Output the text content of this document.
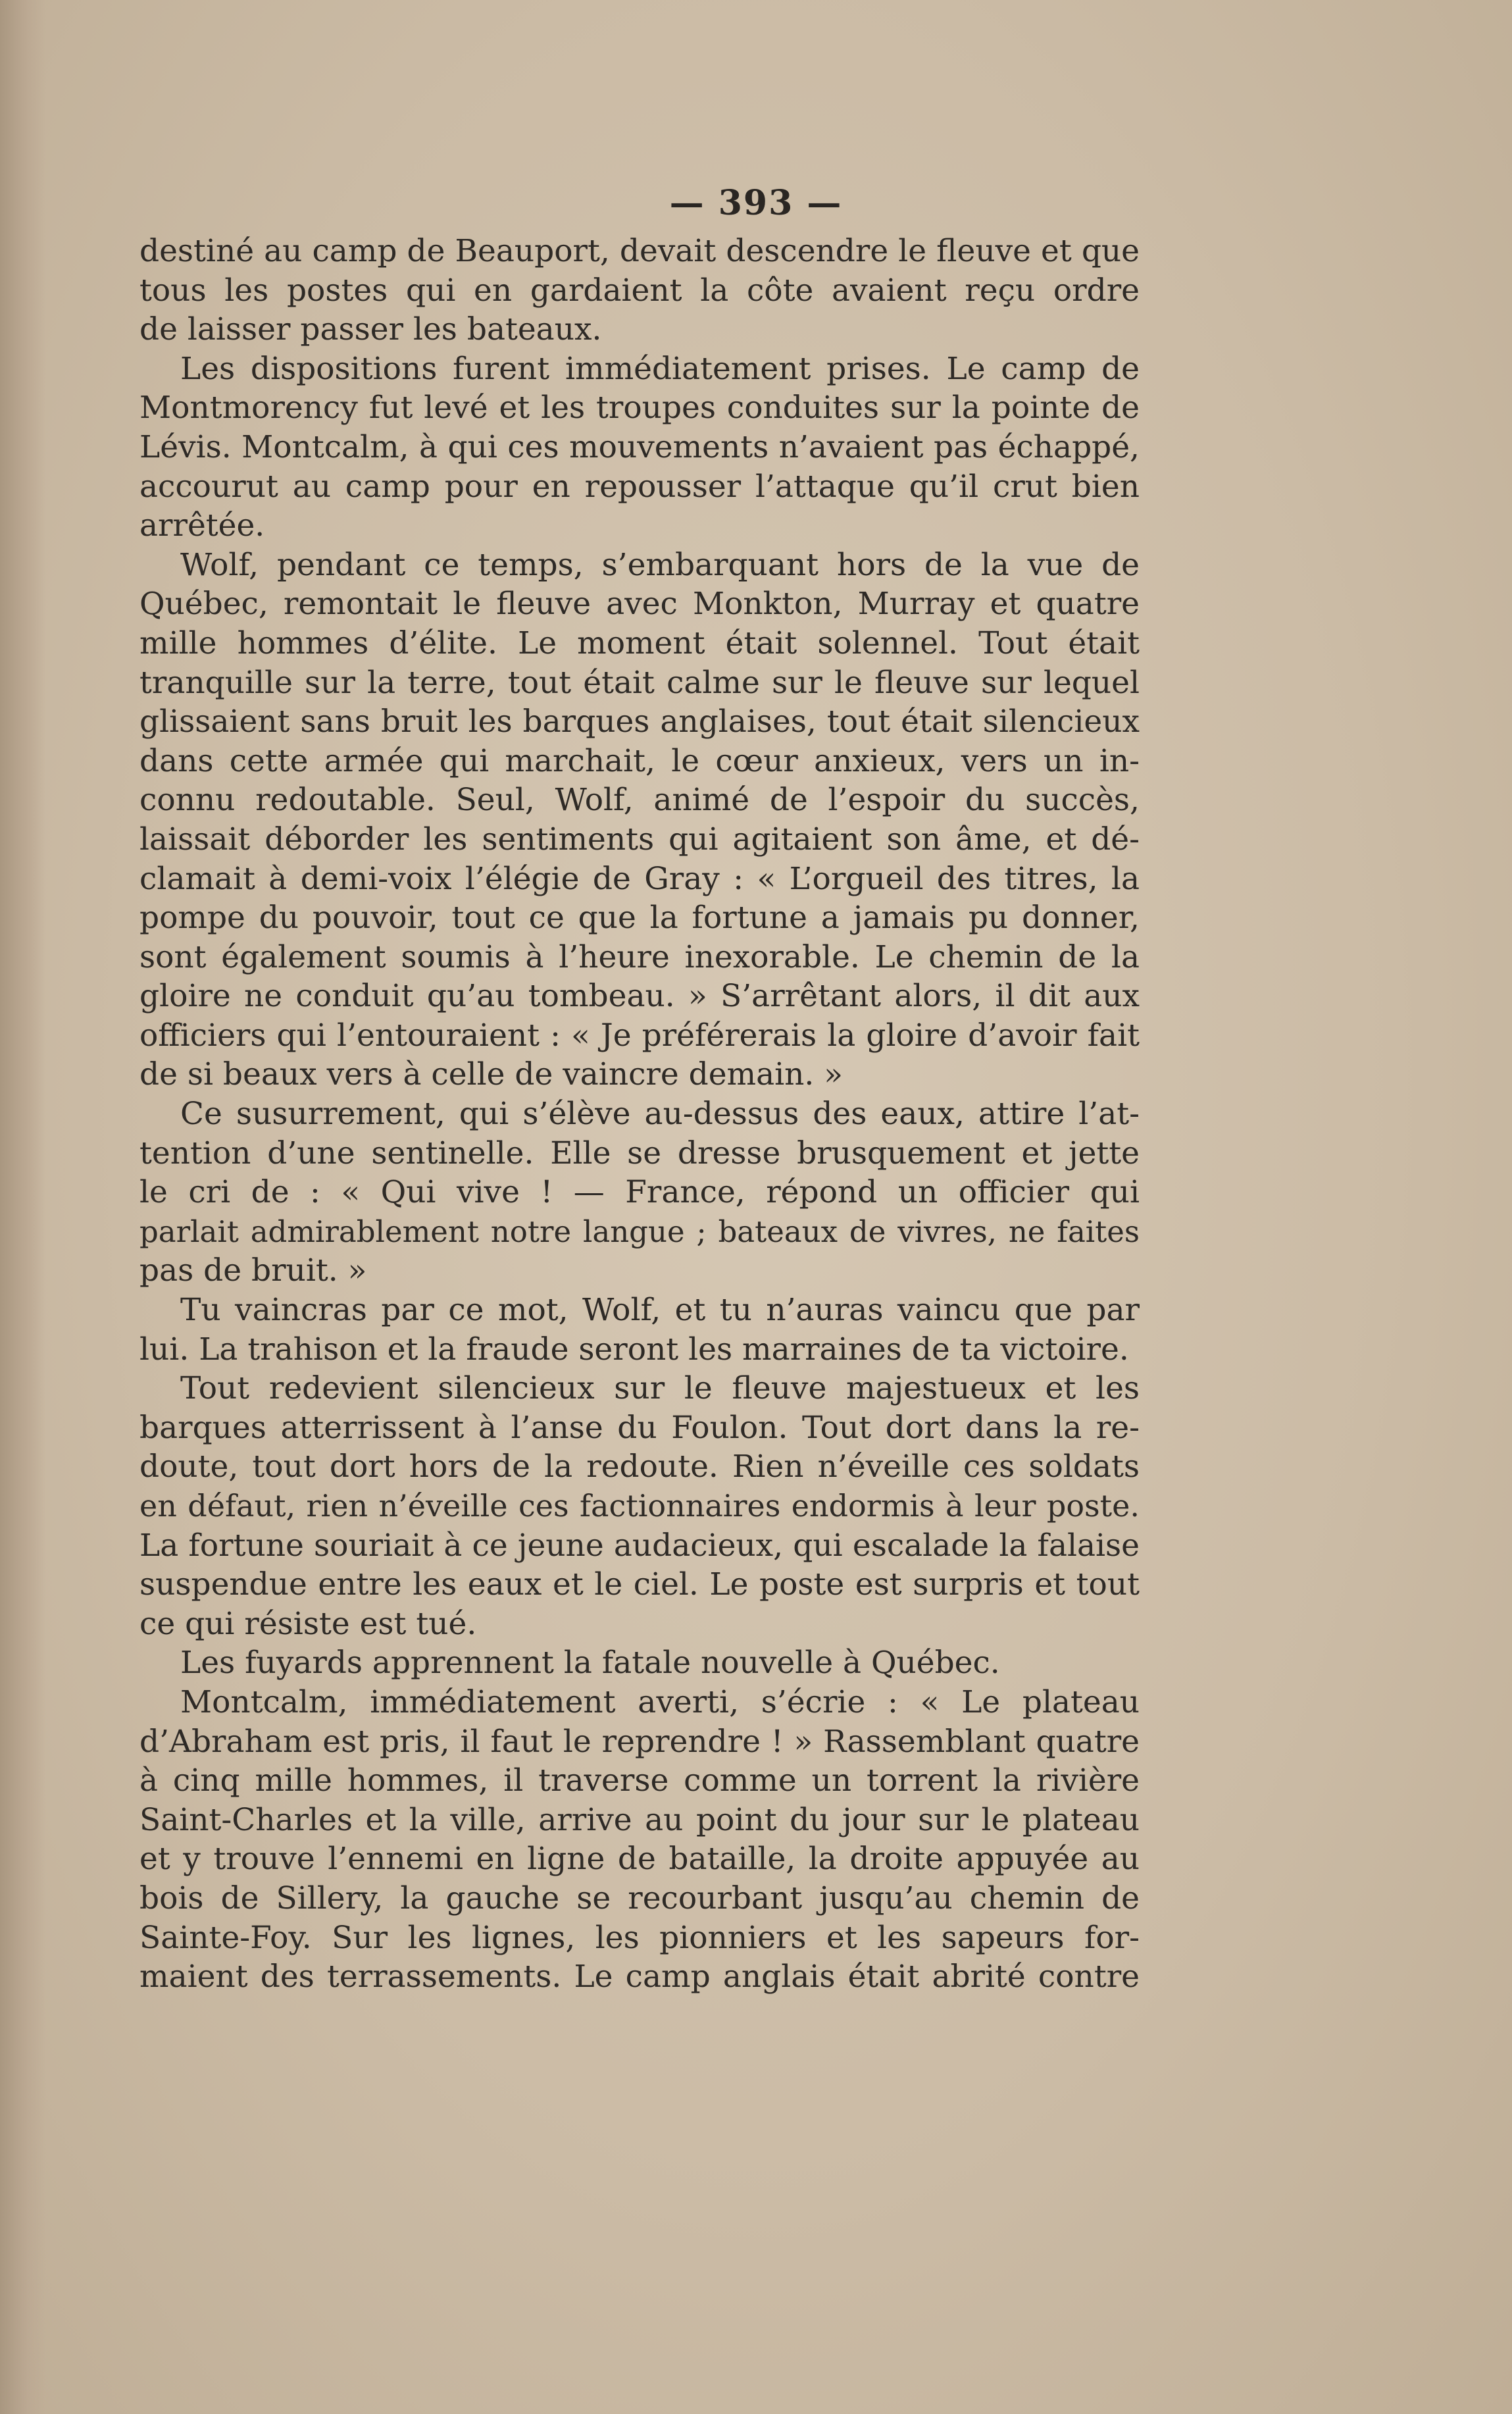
— 393 —
destiné au camp de Beauport, devait descendre le fleuve et que
tous les postes qui en gardaient la côte avaient reçu ordre
de laisser passer les bateaux.
Les dispositions furent immédiatement prises. Le camp de
Montmorency fut levé et les troupes conduites sur la pointe de
Lévis. Montcalm, à qui ces mouvements n’avaient pas échappé,
accourut au camp pour en repousser l’attaque qu’il crut bien
arrêtée.
Wolf, pendant ce temps, s’embarquant hors de la vue de
Québec, remontait le fleuve avec Monkton, Murray et quatre
mille hommes d’élite. Le moment était solennel. Tout était
tranquille sur la terre, tout était calme sur le fleuve sur lequel
glissaient sans bruit les barques anglaises, tout était silencieux
dans cette armée qui marchait, le cœur anxieux, vers un in-
connu redoutable. Seul, Wolf, animé de l’espoir du succès,
laissait déborder les sentiments qui agitaient son âme, et dé-
clamait à demi-voix l’élégie de Gray : « L’orgueil des titres, la
pompe du pouvoir, tout ce que la fortune a jamais pu donner,
sont également soumis à l’heure inexorable. Le chemin de la
gloire ne conduit qu’au tombeau. » S’arrêtant alors, il dit aux
officiers qui l’entouraient : « Je préférerais la gloire d’avoir fait
de si beaux vers à celle de vaincre demain. »
Ce susurrement, qui s’élève au-dessus des eaux, attire l’at-
tention d’une sentinelle. Elle se dresse brusquement et jette
le cri de : « Qui vive ! — France, répond un officier qui
parlait admirablement notre langue ; bateaux de vivres, ne faites
pas de bruit. »
Tu vaincras par ce mot, Wolf, et tu n’auras vaincu que par
lui. La trahison et la fraude seront les marraines de ta victoire.
Tout redevient silencieux sur le fleuve majestueux et les
barques atterrissent à l’anse du Foulon. Tout dort dans la re-
doute, tout dort hors de la redoute. Rien n’éveille ces soldats
en défaut, rien n’éveille ces factionnaires endormis à leur poste.
La fortune souriait à ce jeune audacieux, qui escalade la falaise
suspendue entre les eaux et le ciel. Le poste est surpris et tout
ce qui résiste est tué.
Les fuyards apprennent la fatale nouvelle à Québec.
Montcalm, immédiatement averti, s’écrie : « Le plateau
d’Abraham est pris, il faut le reprendre ! » Rassemblant quatre
à cinq mille hommes, il traverse comme un torrent la rivière
Saint-Charles et la ville, arrive au point du jour sur le plateau
et y trouve l’ennemi en ligne de bataille, la droite appuyée au
bois de Sillery, la gauche se recourbant jusqu’au chemin de
Sainte-Foy. Sur les lignes, les pionniers et les sapeurs for-
maient des terrassements. Le camp anglais était abrité contre
